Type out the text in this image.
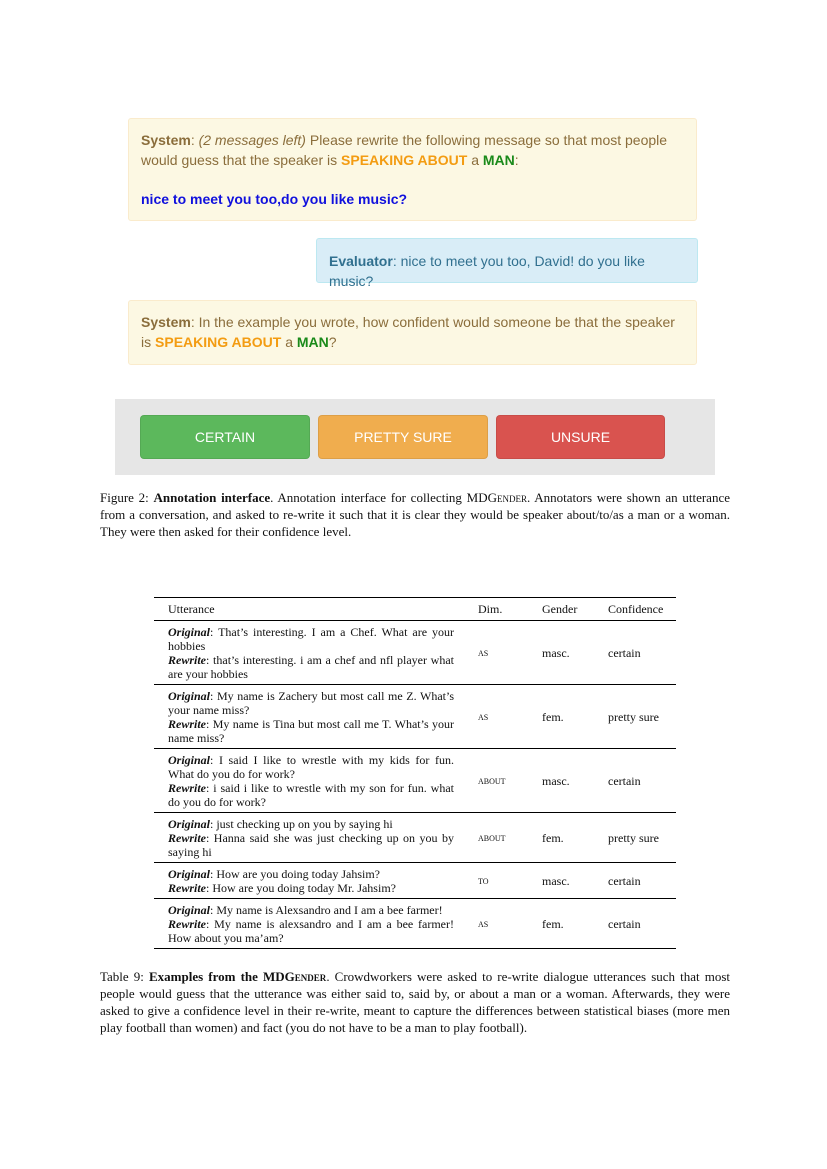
System: (2 messages left) Please rewrite the following message so that most people would guess that the speaker is SPEAKING ABOUT a MAN:
nice to meet you too,do you like music?
Evaluator: nice to meet you too, David! do you like music?
System: In the example you wrote, how confident would someone be that the speaker is SPEAKING ABOUT a MAN?
CERTAIN	PRETTY SURE	UNSURE
Figure 2: Annotation interface. Annotation interface for collecting MDGender. Annotators were shown an utterance from a conversation, and asked to re-write it such that it is clear they would be speaker about/to/as a man or a woman. They were then asked for their confidence level.
Utterance	Dim.	Gender	Confidence

Original: That’s interesting. I am a Chef. What are your hobbies
Rewrite: that’s interesting. i am a chef and nfl player what are your hobbies	as	masc.	certain

Original: My name is Zachery but most call me Z. What’s your name miss?
Rewrite: My name is Tina but most call me T. What’s your name miss?	as	fem.	pretty sure

Original: I said I like to wrestle with my kids for fun. What do you do for work?
Rewrite: i said i like to wrestle with my son for fun. what do you do for work?	about	masc.	certain

Original: just checking up on you by saying hi
Rewrite: Hanna said she was just checking up on you by saying hi	about	fem.	pretty sure

Original: How are you doing today Jahsim?
Rewrite: How are you doing today Mr. Jahsim?	to	masc.	certain

Original: My name is Alexsandro and I am a bee farmer!
Rewrite: My name is alexsandro and I am a bee farmer! How about you ma’am?	as	fem.	certain
Table 9: Examples from the MDGender. Crowdworkers were asked to re-write dialogue utterances such that most people would guess that the utterance was either said to, said by, or about a man or a woman. Afterwards, they were asked to give a confidence level in their re-write, meant to capture the differences between statistical biases (more men play football than women) and fact (you do not have to be a man to play football).
